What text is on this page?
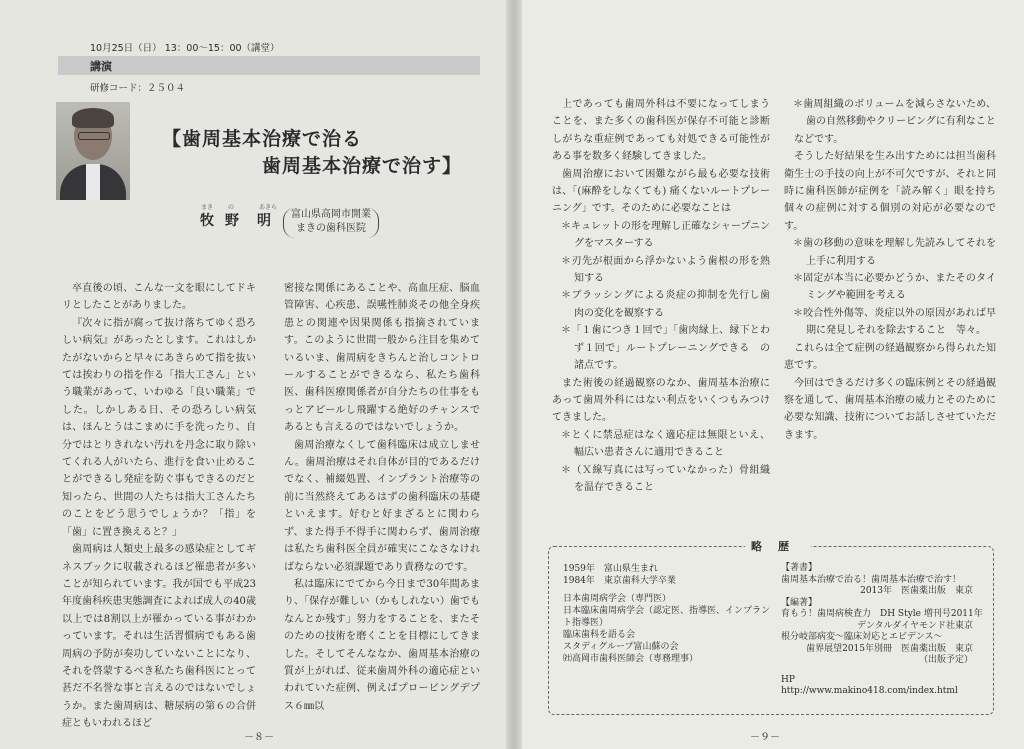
10月25日（日） 13：00～15：00（講堂）
講演
研修コード：２５０４
【歯周基本治療で治る
歯周基本治療で治す】
まき の	あきら
牧 野 明	富山県高岡市開業
まきの歯科医院

卒直後の頃、こんな一文を眼にしてドキリとしたことがありました。

『次々に指が腐って抜け落ちてゆく恐ろしい病気』があったとします。これはしかたがないからと早々にあきらめて指を抜いては挨わりの指を作る「指大工さん」という職業があって、いわゆる「良い職業」でした。しかしある日、その恐ろしい病気は、ほんとうはこまめに手を洗ったり、自分ではとりきれない汚れを丹念に取り除いてくれる人がいたら、進行を食い止めることができるし発症を防ぐ事もできるのだと知ったら、世間の人たちは指大工さんたちのことをどう思うでしょうか？「指」を「歯」に置き換えると？」

歯周病は人類史上最多の感染症としてギネスブックに収載されるほど罹患者が多いことが知られています。我が国でも平成23年度歯科疾患実態調査によれば成人の40歳以上では8割以上が罹かっている事がわかっています。それは生活習慣病でもある歯周病の予防が奏功していないことになり、それを啓蒙するべき私たち歯科医にとって甚だ不名誉な事と言えるのではないでしょうか。また歯周病は、糖尿病の第６の合併症ともいわれるほど

密接な関係にあることや、高血圧症、脳血管障害、心疾患、誤嚥性肺炎その他全身疾患との関連や因果関係も指摘されています。このように世間一般から注目を集めているいま、歯周病をきちんと治しコントロールすることができるなら、私たち歯科医、歯科医療関係者が自分たちの仕事をもっとアピールし飛躍する絶好のチャンスであるとも言えるのではないでしょうか。

歯周治療なくして歯科臨床は成立しません。歯周治療はそれ自体が目的であるだけでなく、補綴処置、インプラント治療等の前に当然終えてあるはずの歯科臨床の基礎といえます。好むと好まざるとに関わらず、また得手不得手に関わらず、歯周治療は私たち歯科医全員が確実にこなさなければならない必須課題であり責務なのです。

私は臨床にでてから今日まで30年間あまり、「保存が難しい（かもしれない）歯でもなんとか残す」努力をすることを、またそのための技術を磨くことを目標にしてきました。そしてそんななか、歯周基本治療の質が上がれば、従来歯周外科の適応症といわれていた症例、例えばプロービングデプス６㎜以

－８－

上であっても歯周外科は不要になってしまうことを、また多くの歯科医が保存不可能と診断しがちな重症例であっても対処できる可能性がある事を数多く経験してきました。

歯周治療において困難ながら最も必要な技術は、「(麻酔をしなくても) 痛くないルートプレーニング」です。そのために必要なことは

＊キュレットの形を理解し正確なシャープニングをマスターする

＊刃先が根面から浮かないよう歯根の形を熟知する

＊ブラッシングによる炎症の抑制を先行し歯肉の変化を観察する

＊「１歯につき１回で」「歯肉縁上、縁下とわず１回で」ルートプレーニングできる　の諸点です。

また術後の経過観察のなか、歯周基本治療にあって歯周外科にはない利点をいくつもみつけてきました。

＊とくに禁忌症はなく適応症は無限といえ、幅広い患者さんに適用できること

＊（Ｘ線写真には写っていなかった）骨組織を温存できること

＊歯周組織のボリュームを減らさないため、歯の自然移動やクリーピングに有利なこと

などです。

そうした好結果を生み出すためには担当歯科衛生士の手技の向上が不可欠ですが、それと同時に歯科医師が症例を「読み解く」眼を持ち個々の症例に対する個別の対応が必要なのです。

＊歯の移動の意味を理解し先読みしてそれを上手に利用する

＊固定が本当に必要かどうか、またそのタイミングや範囲を考える

＊咬合性外傷等、炎症以外の原因があれば早期に発見しそれを除去すること　等々。

これらは全て症例の経過観察から得られた知恵です。

今回はできるだけ多くの臨床例とその経過観察を通して、歯周基本治療の威力とそのために必要な知識、技術についてお話しさせていただきます。

略歴

1959年　富山県生まれ

1984年　東京歯科大学卒業

日本歯周病学会（専門医）

日本臨床歯周病学会（認定医、指導医、インプラント指導医）

臨床歯科を語る会

スタディグループ富山蘇の会

㈳高岡市歯科医師会（専務理事）

【著書】

歯周基本治療で治る！歯周基本治療で治す！

2013年　医歯薬出版　東京

【編著】

育もう！歯周病検査力　DH Style 増刊号2011年

デンタルダイヤモンド社東京

根分岐部病変～臨床対応とエビデンス～

歯界展望2015年別冊　医歯薬出版　東京

（出版予定）

HP

http://www.makino418.com/index.html

－９－
